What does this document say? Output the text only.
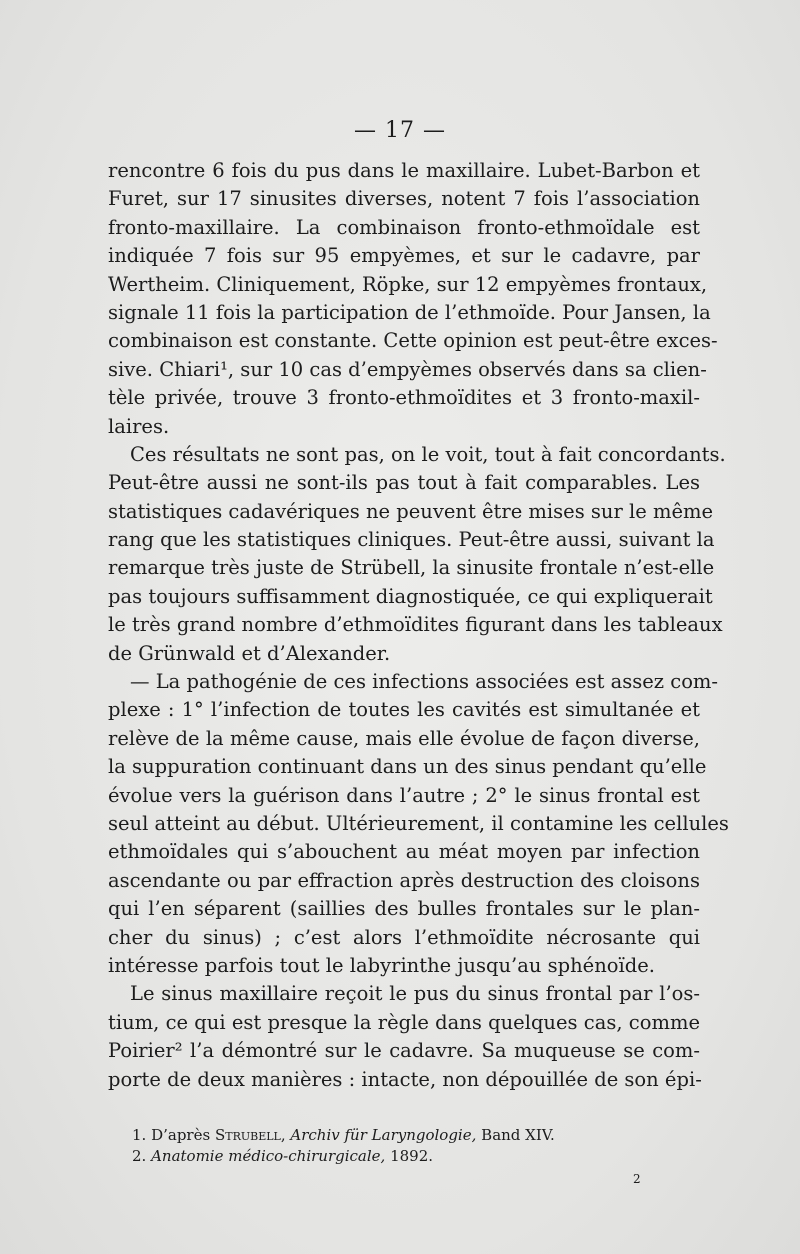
— 17 —
rencontre 6 fois du pus dans le maxillaire. Lubet-Barbon et
Furet, sur 17 sinusites diverses, notent 7 fois l’association
fronto-maxillaire. La combinaison fronto-ethmoïdale est
indiquée 7 fois sur 95 empyèmes, et sur le cadavre, par
Wertheim. Cliniquement, Röpke, sur 12 empyèmes frontaux,
signale 11 fois la participation de l’ethmoïde. Pour Jansen, la
combinaison est constante. Cette opinion est peut-être exces-
sive. Chiari¹, sur 10 cas d’empyèmes observés dans sa clien-
tèle privée, trouve 3 fronto-ethmoïdites et 3 fronto-maxil-
laires.
Ces résultats ne sont pas, on le voit, tout à fait concordants.
Peut-être aussi ne sont-ils pas tout à fait comparables. Les
statistiques cadavériques ne peuvent être mises sur le même
rang que les statistiques cliniques. Peut-être aussi, suivant la
remarque très juste de Strübell, la sinusite frontale n’est-elle
pas toujours suffisamment diagnostiquée, ce qui expliquerait
le très grand nombre d’ethmoïdites figurant dans les tableaux
de Grünwald et d’Alexander.
— La pathogénie de ces infections associées est assez com-
plexe : 1° l’infection de toutes les cavités est simultanée et
relève de la même cause, mais elle évolue de façon diverse,
la suppuration continuant dans un des sinus pendant qu’elle
évolue vers la guérison dans l’autre ; 2° le sinus frontal est
seul atteint au début. Ultérieurement, il contamine les cellules
ethmoïdales qui s’abouchent au méat moyen par infection
ascendante ou par effraction après destruction des cloisons
qui l’en séparent (saillies des bulles frontales sur le plan-
cher du sinus) ; c’est alors l’ethmoïdite nécrosante qui
intéresse parfois tout le labyrinthe jusqu’au sphénoïde.
Le sinus maxillaire reçoit le pus du sinus frontal par l’os-
tium, ce qui est presque la règle dans quelques cas, comme
Poirier² l’a démontré sur le cadavre. Sa muqueuse se com-
porte de deux manières : intacte, non dépouillée de son épi-
1. D’après Strubell, Archiv für Laryngologie, Band XIV.
2. Anatomie médico-chirurgicale, 1892.
2
